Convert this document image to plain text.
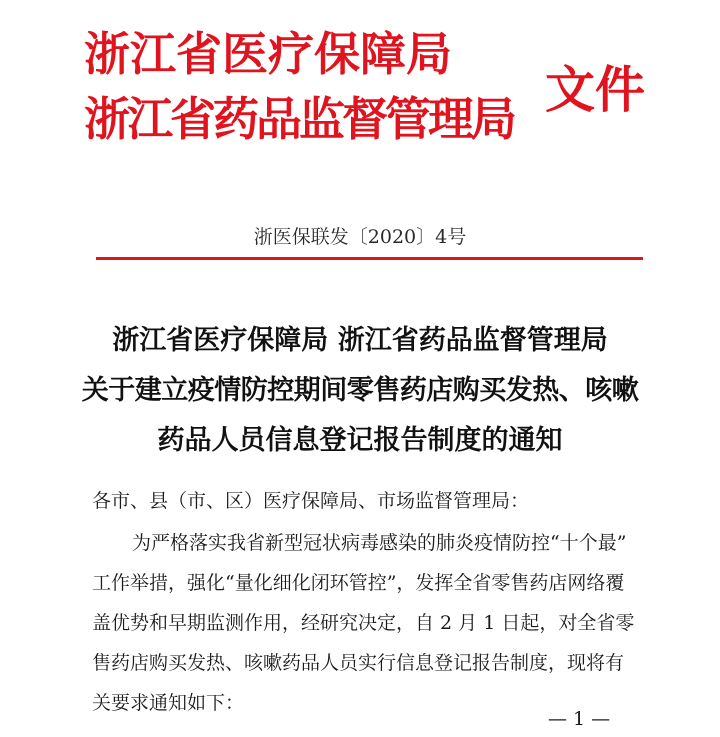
浙江省医疗保障局
浙江省药品监督管理局 文件
浙医保联发〔2020〕4号
浙江省医疗保障局 浙江省药品监督管理局
关于建立疫情防控期间零售药店购买发热、咳嗽
药品人员信息登记报告制度的通知
各市、县（市、区）医疗保障局、市场监督管理局：
为严格落实我省新型冠状病毒感染的肺炎疫情防控“十个最”
工作举措，强化“量化细化闭环管控”，发挥全省零售药店网络覆
盖优势和早期监测作用，经研究决定，自 2 月 1 日起，对全省零
售药店购买发热、咳嗽药品人员实行信息登记报告制度，现将有
关要求通知如下：
— 1 —
